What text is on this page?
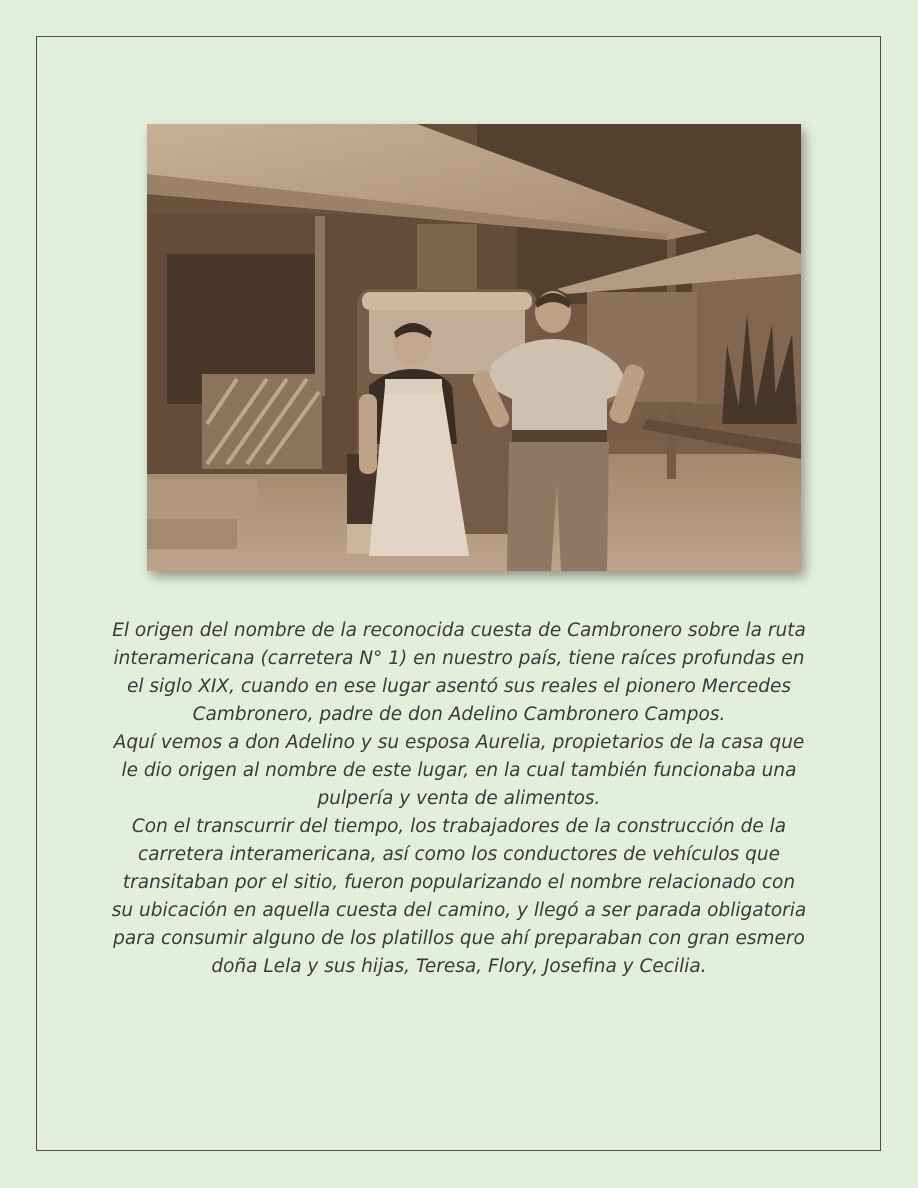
El origen del nombre de la reconocida cuesta de Cambronero sobre la ruta interamericana (carretera N° 1) en nuestro país, tiene raíces profundas en el siglo XIX, cuando en ese lugar asentó sus reales el pionero Mercedes Cambronero, padre de don Adelino Cambronero Campos.

Aquí vemos a don Adelino y su esposa Aurelia, propietarios de la casa que le dio origen al nombre de este lugar, en la cual también funcionaba una pulpería y venta de alimentos.

Con el transcurrir del tiempo, los trabajadores de la construcción de la carretera interamericana, así como los conductores de vehículos que transitaban por el sitio, fueron popularizando el nombre relacionado con su ubicación en aquella cuesta del camino, y llegó a ser parada obligatoria para consumir alguno de los platillos que ahí preparaban con gran esmero doña Lela y sus hijas, Teresa, Flory, Josefina y Cecilia.
